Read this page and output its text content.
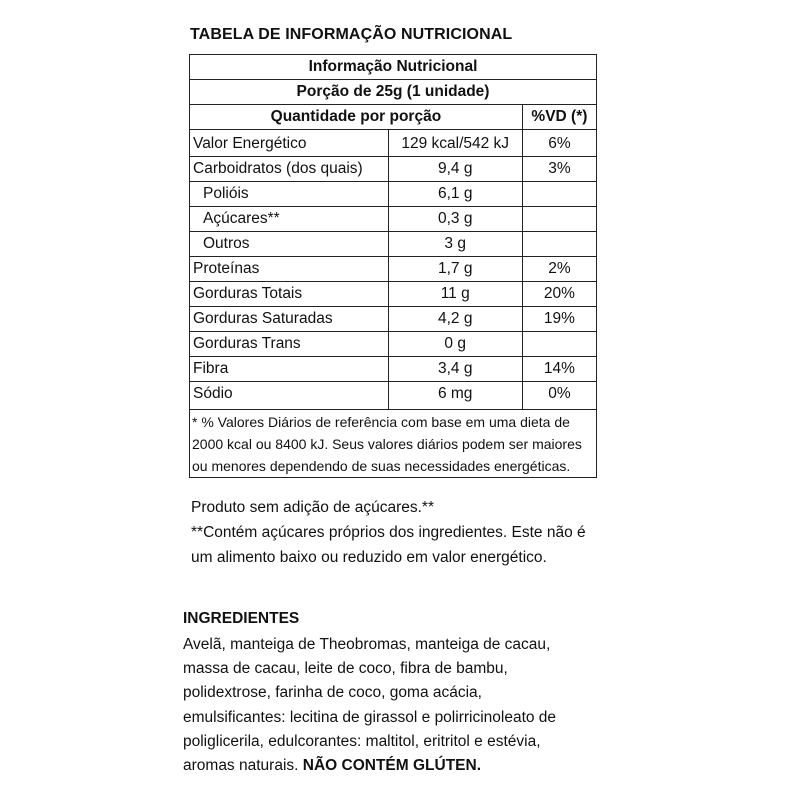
TABELA DE INFORMAÇÃO NUTRICIONAL
Informação Nutricional		
Porção de 25g (1 unidade)		
Quantidade por porção		%VD (*)
Valor Energético	129 kcal/542 kJ	6%
Carboidratos (dos quais)	9,4 g	3%
Polióis	6,1 g	
Açúcares**	0,3 g	
Outros	3 g	
Proteínas	1,7 g	2%
Gorduras Totais	11 g	20%
Gorduras Saturadas	4,2 g	19%
Gorduras Trans	0 g	
Fibra	3,4 g	14%
Sódio	6 mg	0%
* % Valores Diários de referência com base em uma dieta de 2000 kcal ou 8400 kJ. Seus valores diários podem ser maiores ou menores dependendo de suas necessidades energéticas.		

Produto sem adição de açúcares.**

**Contém açúcares próprios dos ingredientes. Este não é um alimento baixo ou reduzido em valor energético.

INGREDIENTES
Avelã, manteiga de Theobromas, manteiga de cacau, massa de cacau, leite de coco, fibra de bambu, polidextrose, farinha de coco, goma acácia, emulsificantes: lecitina de girassol e polirricinoleato de poliglicerila, edulcorantes: maltitol, eritritol e estévia, aromas naturais. NÃO CONTÉM GLÚTEN.
